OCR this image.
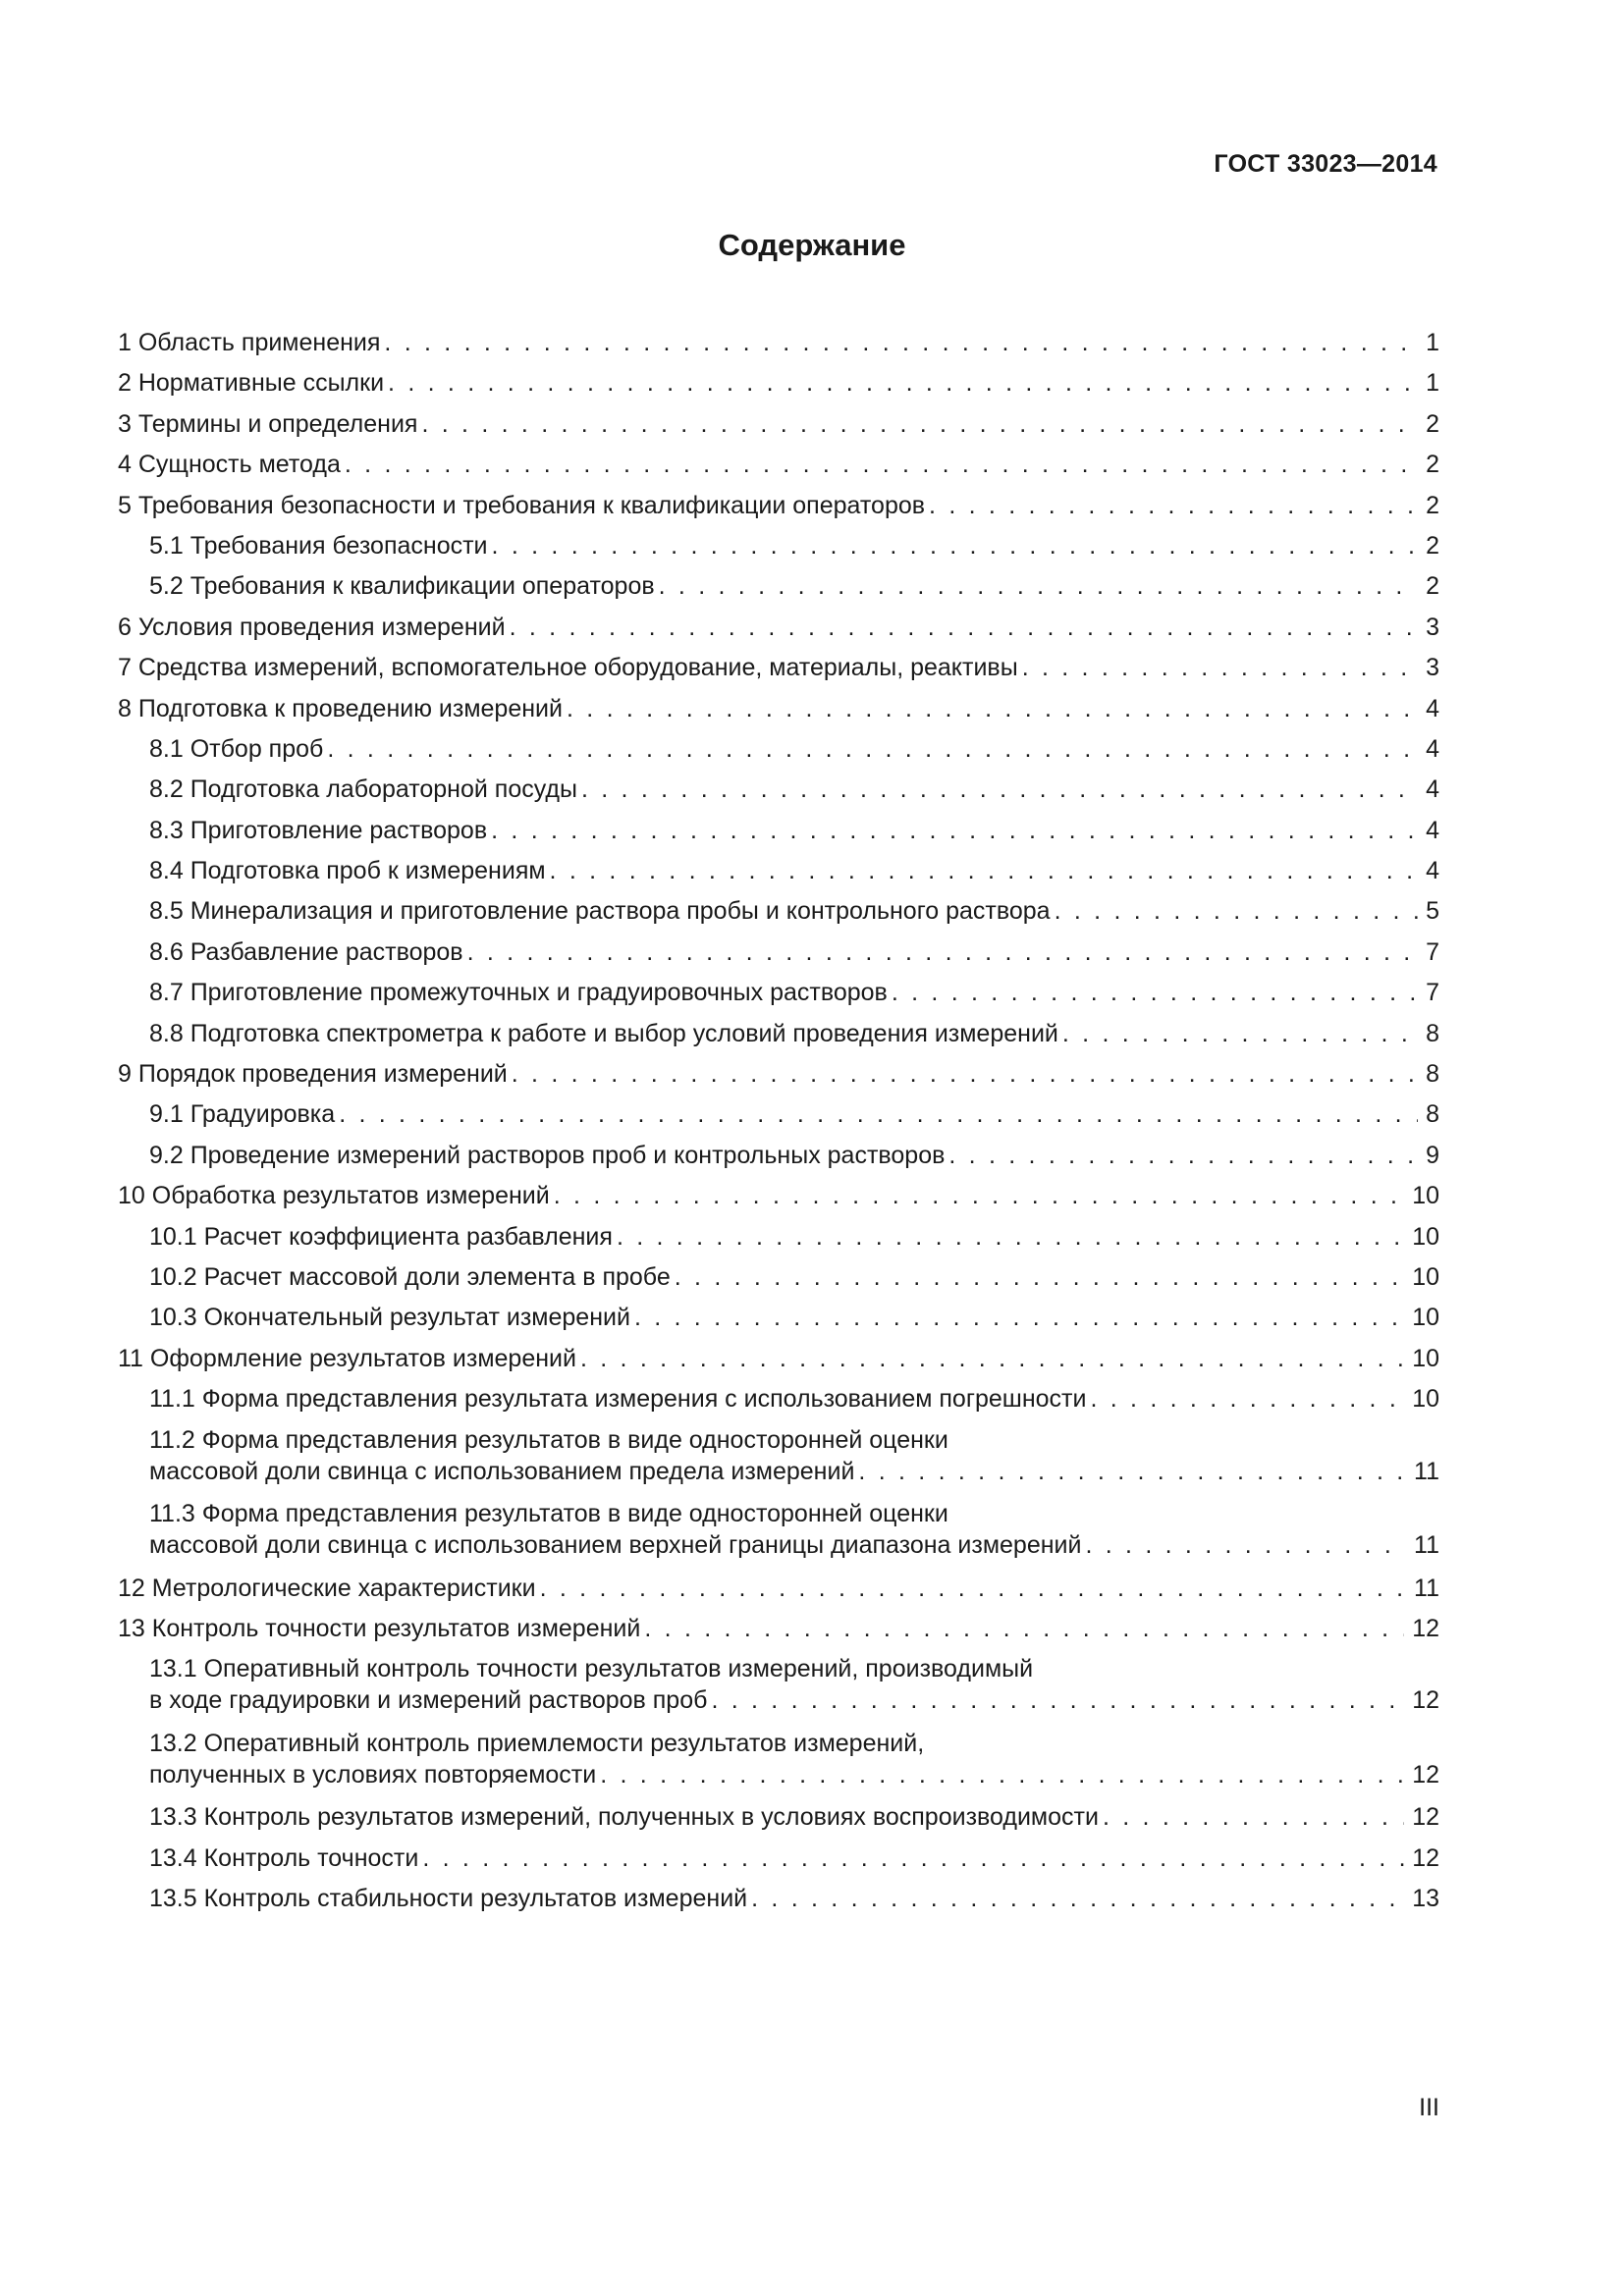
ГОСТ 33023—2014
Содержание
1 Область применения . . .	1
2 Нормативные ссылки . . .	1
3 Термины и определения . . .	2
4 Сущность метода . . .	2
5 Требования безопасности и требования к квалификации операторов . . .	2
5.1 Требования безопасности . . .	2
5.2 Требования к квалификации операторов . . .	2
6 Условия проведения измерений . . .	3
7 Средства измерений, вспомогательное оборудование, материалы, реактивы . . .	3
8 Подготовка к проведению измерений . . .	4
8.1 Отбор проб . . .	4
8.2 Подготовка лабораторной посуды . . .	4
8.3 Приготовление растворов . . .	4
8.4 Подготовка проб к измерениям . . .	4
8.5 Минерализация и приготовление раствора пробы и контрольного раствора . . .	5
8.6 Разбавление растворов . . .	7
8.7 Приготовление промежуточных и градуировочных растворов . . .	7
8.8 Подготовка спектрометра к работе и выбор условий проведения измерений . . .	8
9 Порядок проведения измерений . . .	8
9.1 Градуировка . . .	8
9.2 Проведение измерений растворов проб и контрольных растворов . . .	9
10 Обработка результатов измерений . . .	10
10.1 Расчет коэффициента разбавления . . .	10
10.2 Расчет массовой доли элемента в пробе . . .	10
10.3 Окончательный результат измерений . . .	10
11 Оформление результатов измерений . . .	10
11.1 Форма представления результата измерения с использованием погрешности . . .	10
11.2 Форма представления результатов в виде односторонней оценки
массовой доли свинца с использованием предела измерений . . .	11
11.3 Форма представления результатов в виде односторонней оценки
массовой доли свинца с использованием верхней границы диапазона измерений . . .	11
12 Метрологические характеристики . . .	11
13 Контроль точности результатов измерений . . .	12
13.1 Оперативный контроль точности результатов измерений, производимый
в ходе градуировки и измерений растворов проб . . .	12
13.2 Оперативный контроль приемлемости результатов измерений,
полученных в условиях повторяемости . . .	12
13.3 Контроль результатов измерений, полученных в условиях воспроизводимости . . .	12
13.4 Контроль точности . . .	12
13.5 Контроль стабильности результатов измерений . . .	13
III
